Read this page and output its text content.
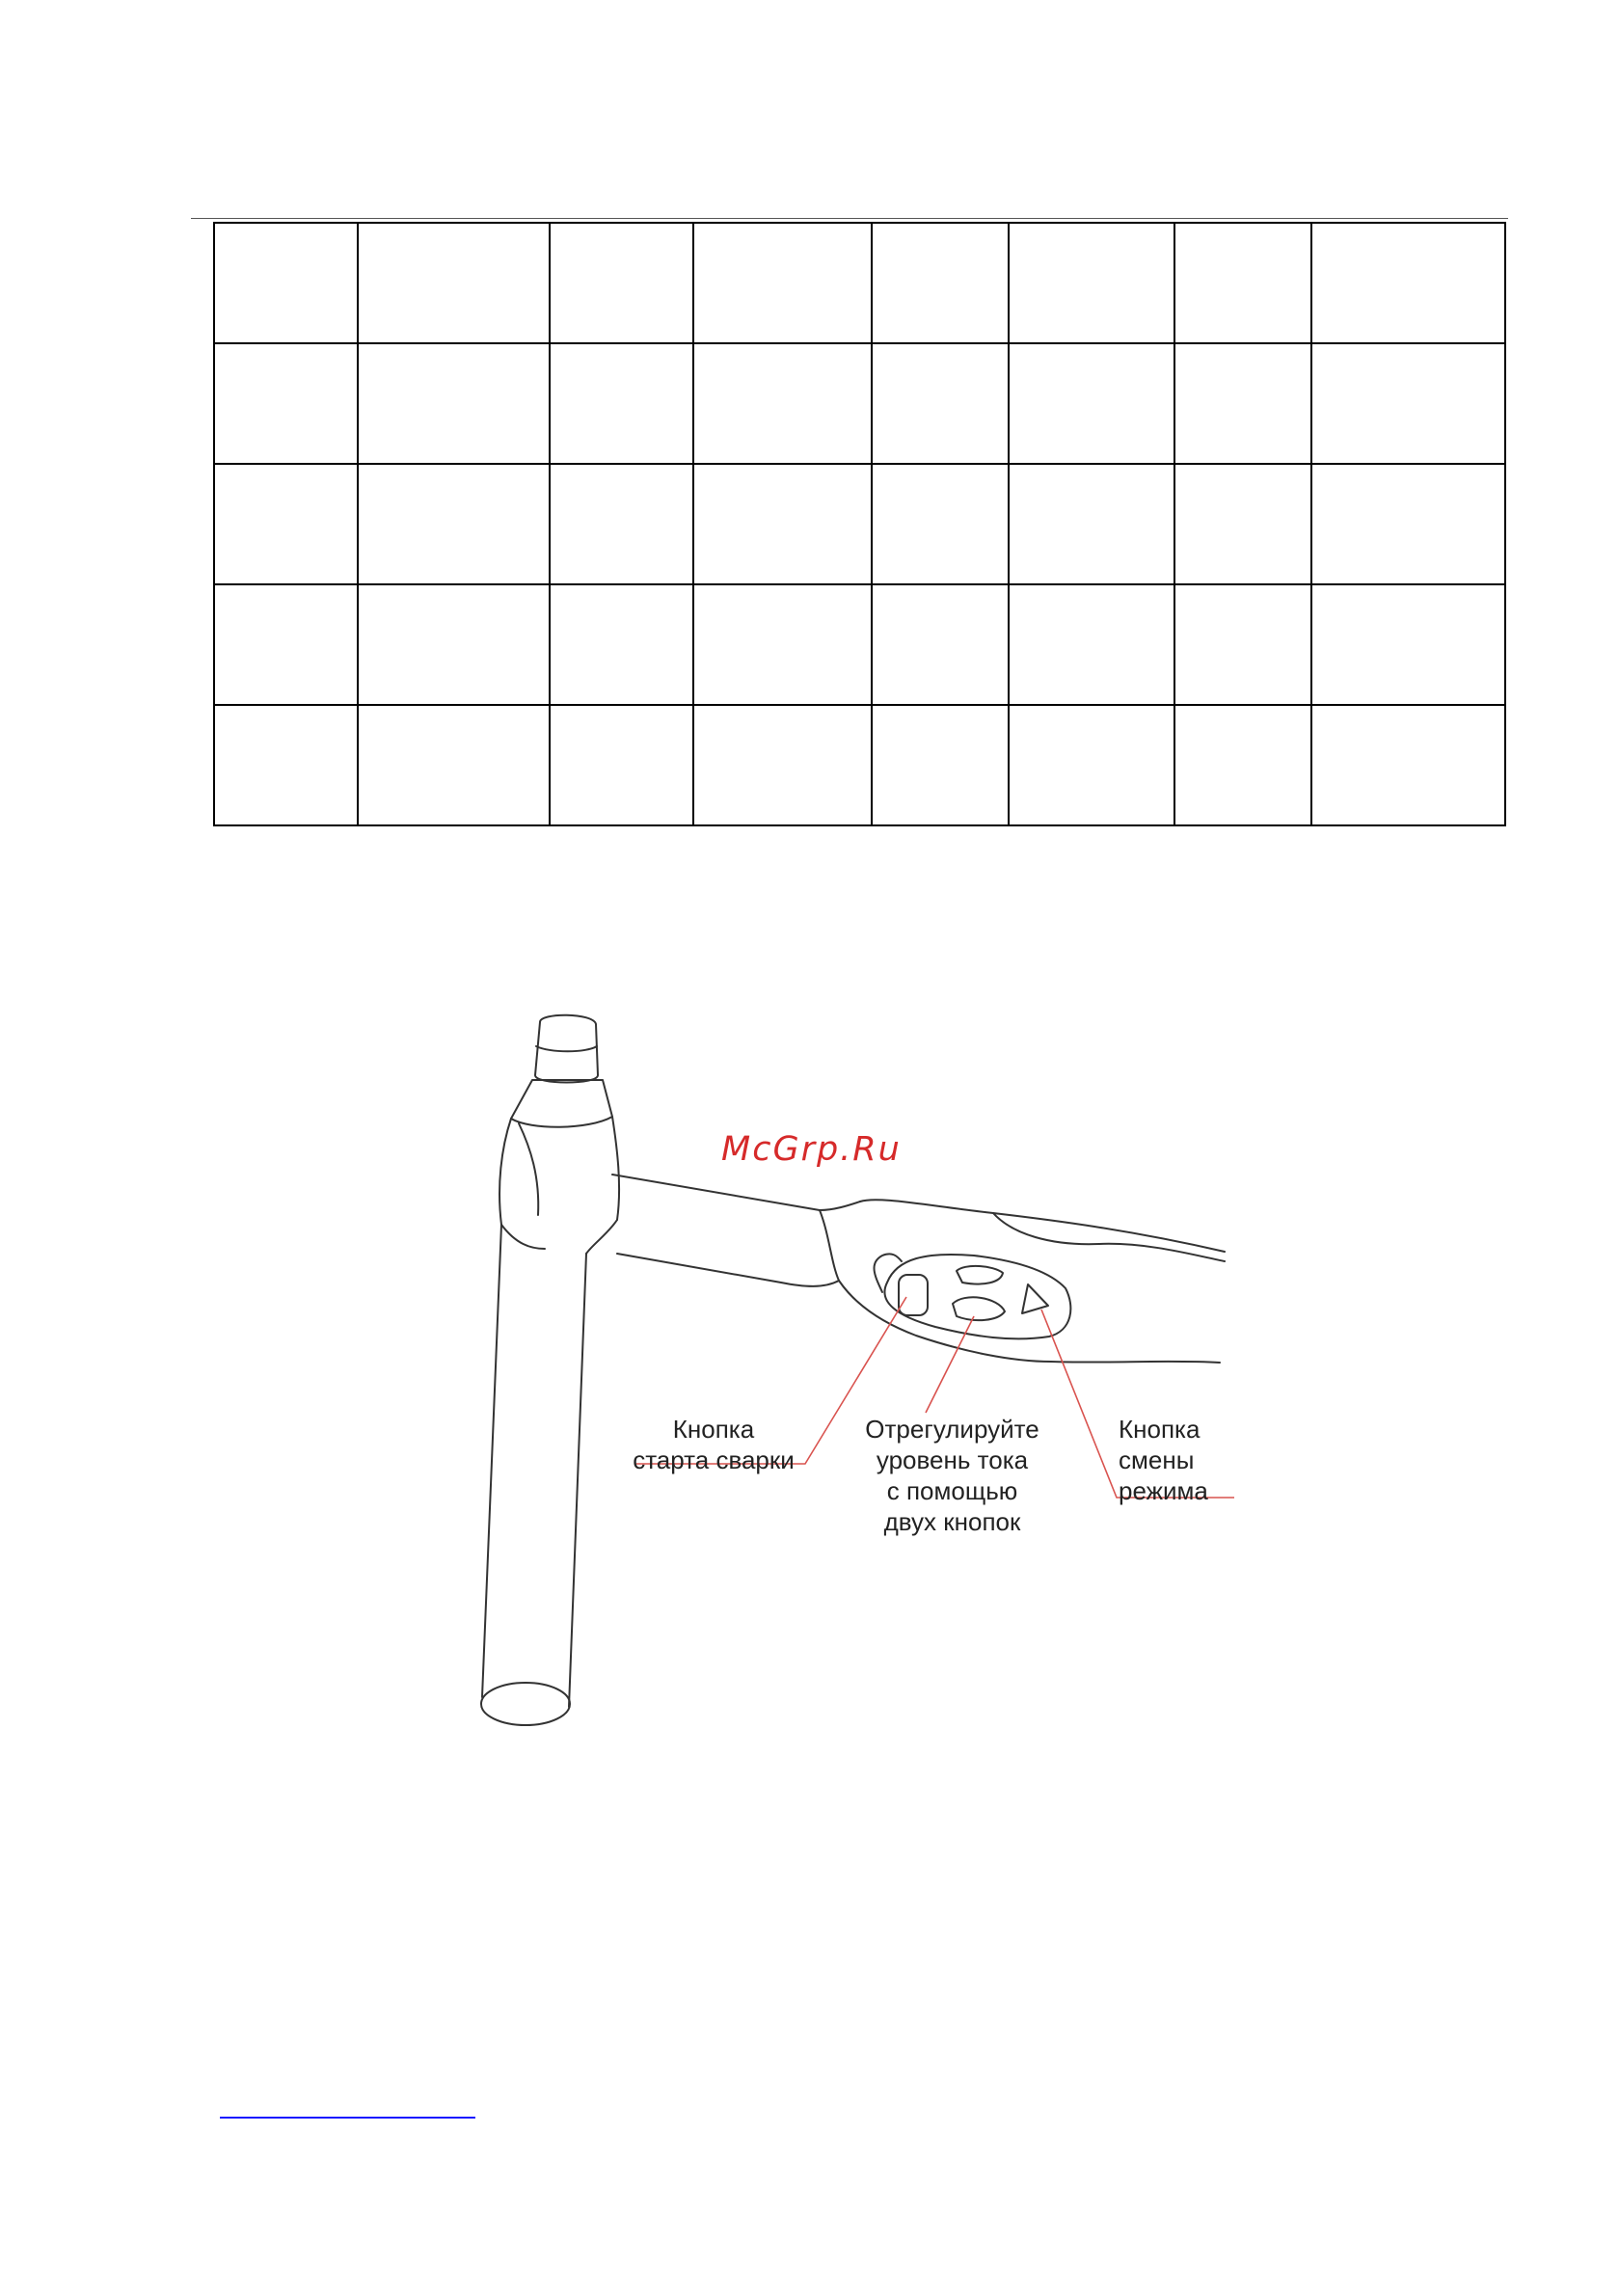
McGrp.Ru
Кнопка
старта сварки
Отрегулируйте
уровень тока
с помощью
двух кнопок
Кнопка
смены
режима
